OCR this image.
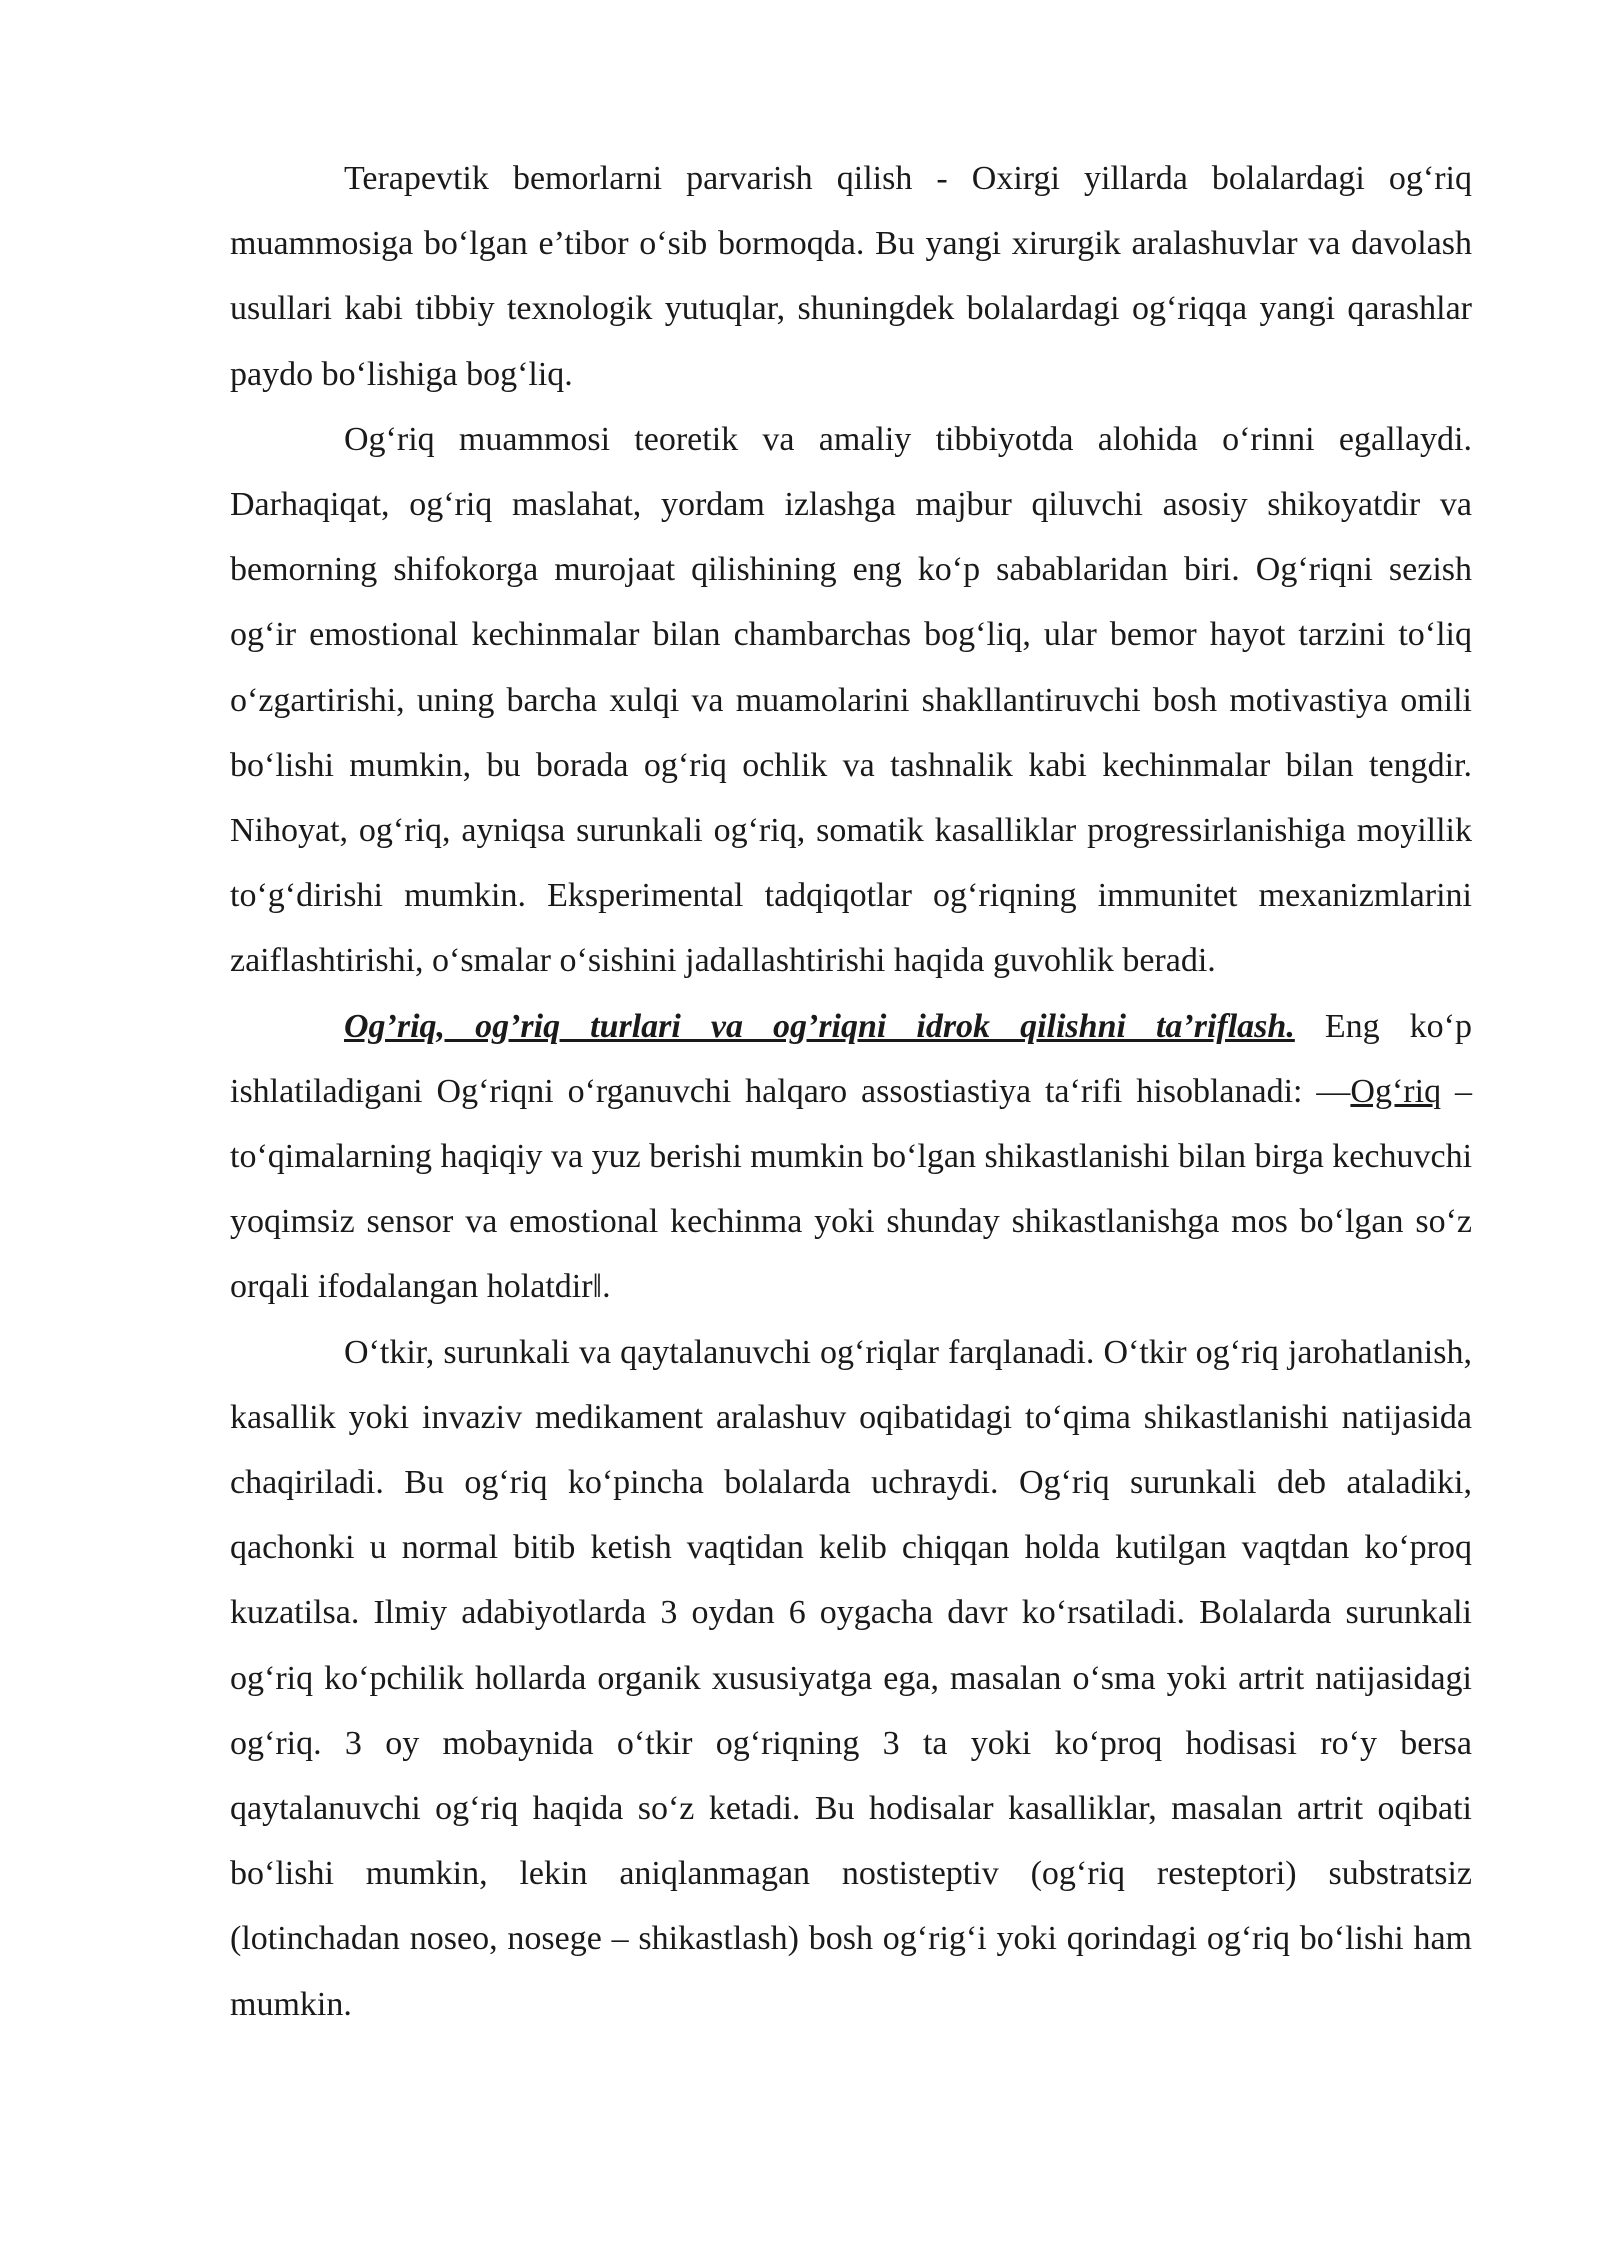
Terapevtik bemorlarni parvarish qilish - Oxirgi yillarda bolalardagi og‘riq muammosiga bo‘lgan e’tibor o‘sib bormoqda. Bu yangi xirurgik aralashuvlar va davolash usullari kabi tibbiy texnologik yutuqlar, shuningdek bolalardagi og‘riqqa yangi qarashlar paydo bo‘lishiga bog‘liq.

Og‘riq muammosi teoretik va amaliy tibbiyotda alohida o‘rinni egallaydi. Darhaqiqat, og‘riq maslahat, yordam izlashga majbur qiluvchi asosiy shikoyatdir va bemorning shifokorga murojaat qilishining eng ko‘p sabablaridan biri. Og‘riqni sezish og‘ir emostional kechinmalar bilan chambarchas bog‘liq, ular bemor hayot tarzini to‘liq o‘zgartirishi, uning barcha xulqi va muamolarini shakllantiruvchi bosh motivastiya omili bo‘lishi mumkin, bu borada og‘riq ochlik va tashnalik kabi kechinmalar bilan tengdir. Nihoyat, og‘riq, ayniqsa surunkali og‘riq, somatik kasalliklar progressirlanishiga moyillik to‘g‘dirishi mumkin. Eksperimental tadqiqotlar og‘riqning immunitet mexanizmlarini zaiflashtirishi, o‘smalar o‘sishini jadallashtirishi haqida guvohlik beradi.

Og’riq, og’riq turlari va og’riqni idrok qilishni ta’riflash. Eng ko‘p ishlatiladigani Og‘riqni o‘rganuvchi halqaro assostiastiya ta‘rifi hisoblanadi: —Og‘riq – to‘qimalarning haqiqiy va yuz berishi mumkin bo‘lgan shikastlanishi bilan birga kechuvchi yoqimsiz sensor va emostional kechinma yoki shunday shikastlanishga mos bo‘lgan so‘z orqali ifodalangan holatdir‖.

O‘tkir, surunkali va qaytalanuvchi og‘riqlar farqlanadi. O‘tkir og‘riq jarohatlanish, kasallik yoki invaziv medikament aralashuv oqibatidagi to‘qima shikastlanishi natijasida chaqiriladi. Bu og‘riq ko‘pincha bolalarda uchraydi. Og‘riq surunkali deb ataladiki, qachonki u normal bitib ketish vaqtidan kelib chiqqan holda kutilgan vaqtdan ko‘proq kuzatilsa. Ilmiy adabiyotlarda 3 oydan 6 oygacha davr ko‘rsatiladi. Bolalarda surunkali og‘riq ko‘pchilik hollarda organik xususiyatga ega, masalan o‘sma yoki artrit natijasidagi og‘riq. 3 oy mobaynida o‘tkir og‘riqning 3 ta yoki ko‘proq hodisasi ro‘y bersa qaytalanuvchi og‘riq haqida so‘z ketadi. Bu hodisalar kasalliklar, masalan artrit oqibati bo‘lishi mumkin, lekin aniqlanmagan nostisteptiv (og‘riq resteptori) substratsiz (lotinchadan noseo, nosege – shikastlash) bosh og‘rig‘i yoki qorindagi og‘riq bo‘lishi ham mumkin.
